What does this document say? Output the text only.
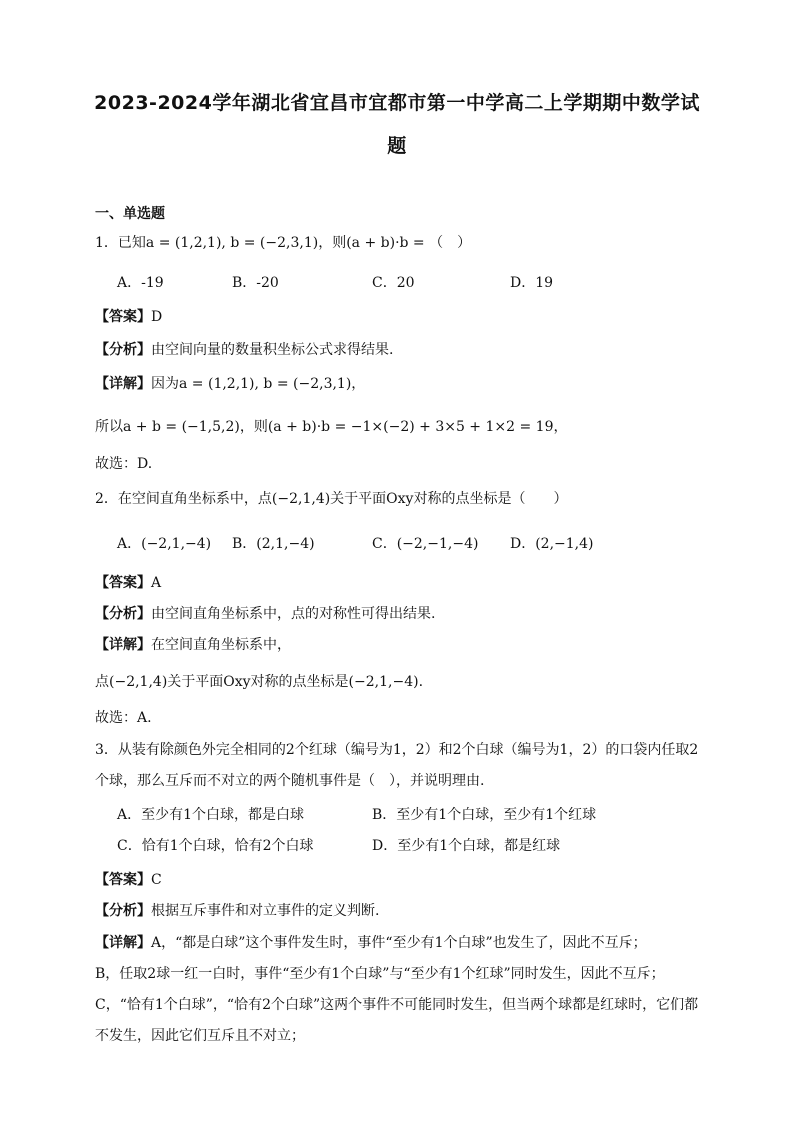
2023-2024学年湖北省宜昌市宜都市第一中学高二上学期期中数学试
题
一、单选题
1．已知a = (1,2,1), b = (−2,3,1)，则(a + b)·b = （　）
A．-19	B．-20	C．20	D．19
【答案】D
【分析】由空间向量的数量积坐标公式求得结果.
【详解】因为a = (1,2,1), b = (−2,3,1)，
所以a + b = (−1,5,2)，则(a + b)·b = −1×(−2) + 3×5 + 1×2 = 19，
故选：D.
2．在空间直角坐标系中，点(−2,1,4)关于平面Oxy对称的点坐标是（　　）
A．(−2,1,−4) B．(2,1,−4)	C．(−2,−1,−4) D．(2,−1,4)
【答案】A
【分析】由空间直角坐标系中，点的对称性可得出结果.
【详解】在空间直角坐标系中，
点(−2,1,4)关于平面Oxy对称的点坐标是(−2,1,−4).
故选：A.
3．从装有除颜色外完全相同的2个红球（编号为1，2）和2个白球（编号为1，2）的口袋内任取2
个球，那么互斥而不对立的两个随机事件是（　），并说明理由.
A．至少有1个白球，都是白球	B．至少有1个白球，至少有1个红球
C．恰有1个白球，恰有2个白球	D．至少有1个白球，都是红球
【答案】C
【分析】根据互斥事件和对立事件的定义判断.
【详解】A，“都是白球”这个事件发生时，事件“至少有1个白球”也发生了，因此不互斥；
B，任取2球一红一白时，事件“至少有1个白球”与“至少有1个红球”同时发生，因此不互斥；
C，“恰有1个白球”，“恰有2个白球”这两个事件不可能同时发生，但当两个球都是红球时，它们都
不发生，因此它们互斥且不对立；
